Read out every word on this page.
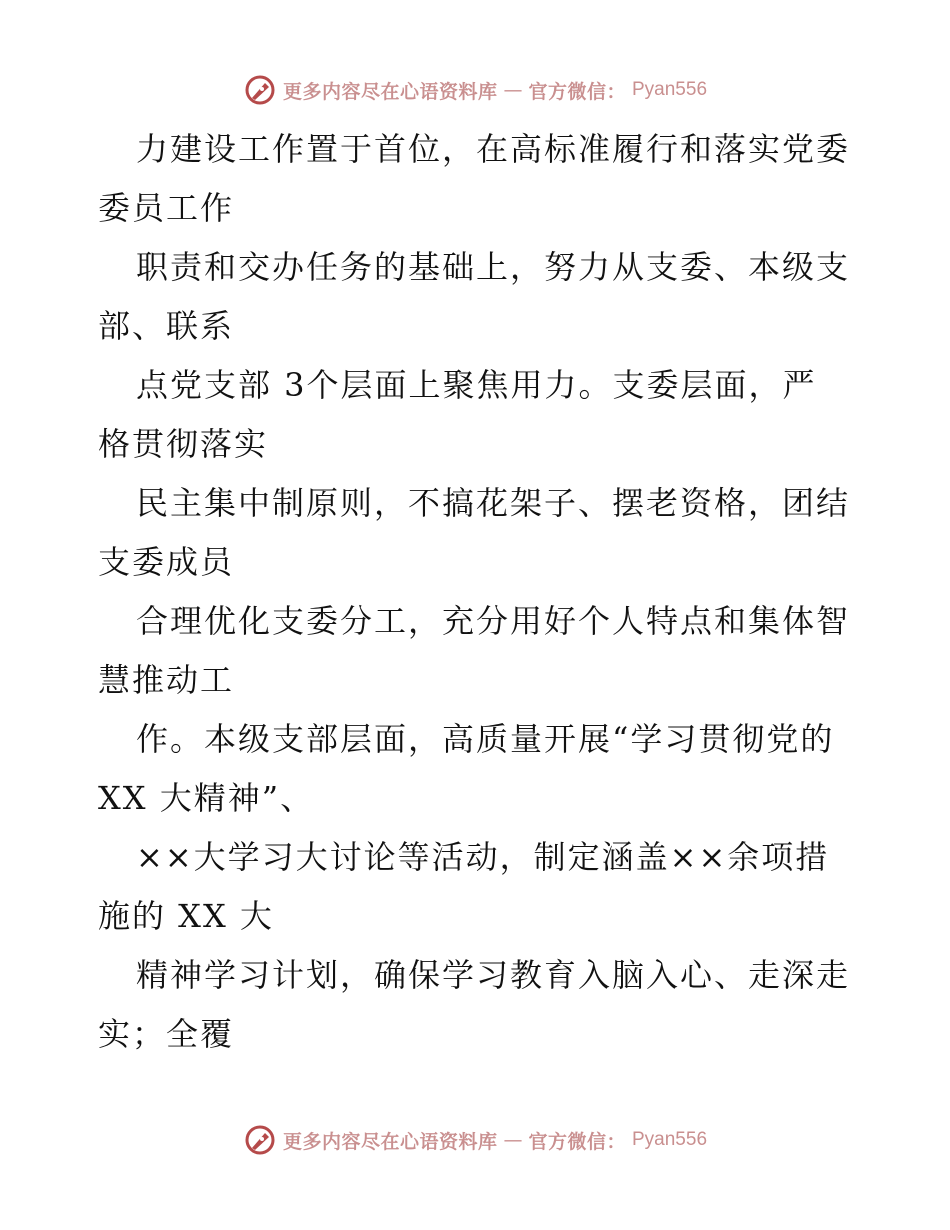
更多内容尽在心语资料库 — 官方微信： Pyan556
力建设工作置于首位，在高标准履行和落实党委
委员工作
职责和交办任务的基础上，努力从支委、本级支
部、联系
点党支部 3个层面上聚焦用力。支委层面，严
格贯彻落实
民主集中制原则，不搞花架子、摆老资格，团结
支委成员
合理优化支委分工，充分用好个人特点和集体智
慧推动工
作。本级支部层面，高质量开展“学习贯彻党的
XX 大精神”、
××大学习大讨论等活动，制定涵盖××余项措
施的 XX 大
精神学习计划，确保学习教育入脑入心、走深走
实；全覆
更多内容尽在心语资料库 — 官方微信： Pyan556
